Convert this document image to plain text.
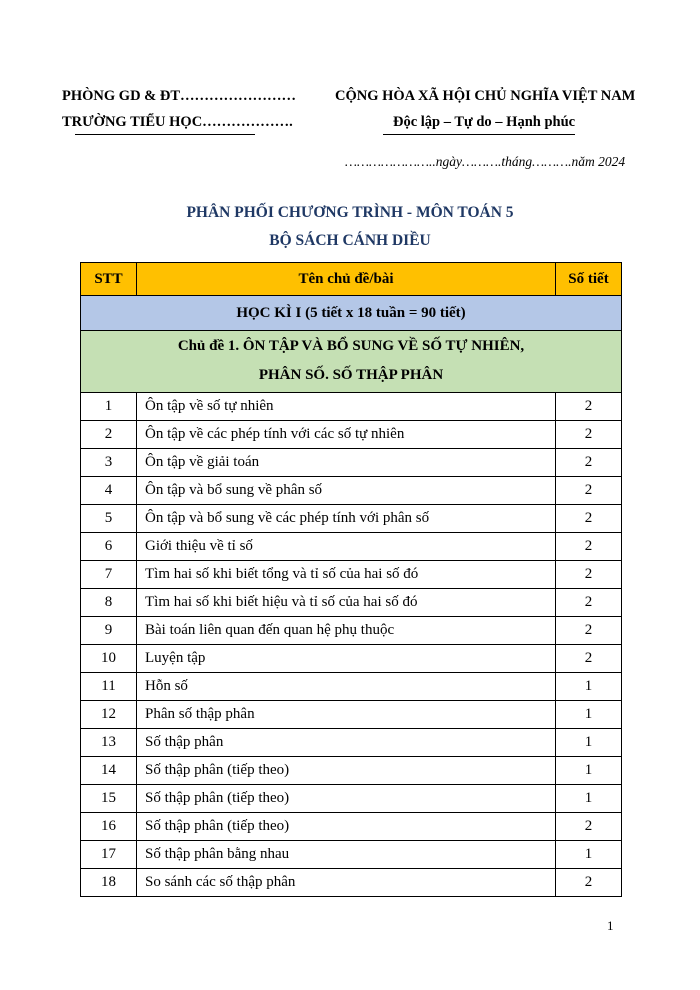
PHÒNG GD & ĐT……………………	CỘNG HÒA XÃ HỘI CHỦ NGHĨA VIỆT NAM
TRƯỜNG TIỂU HỌC……………….	Độc lập – Tự do – Hạnh phúc
…………………..ngày……….tháng……….năm 2024
PHÂN PHỐI CHƯƠNG TRÌNH - MÔN TOÁN 5
BỘ SÁCH CÁNH DIỀU
STT	Tên chủ đề/bài	Số tiết
HỌC KÌ I (5 tiết x 18 tuần = 90 tiết)		

Chủ đề 1. ÔN TẬP VÀ BỔ SUNG VỀ SỐ TỰ NHIÊN,
PHÂN SỐ. SỐ THẬP PHÂN		

1	Ôn tập về số tự nhiên	2
2	Ôn tập về các phép tính với các số tự nhiên	2
3	Ôn tập về giải toán	2
4	Ôn tập và bổ sung về phân số	2
5	Ôn tập và bổ sung về các phép tính với phân số	2
6	Giới thiệu về tỉ số	2
7	Tìm hai số khi biết tổng và tỉ số của hai số đó	2
8	Tìm hai số khi biết hiệu và tỉ số của hai số đó	2
9	Bài toán liên quan đến quan hệ phụ thuộc	2
10	Luyện tập	2
11	Hỗn số	1
12	Phân số thập phân	1
13	Số thập phân	1
14	Số thập phân (tiếp theo)	1
15	Số thập phân (tiếp theo)	1
16	Số thập phân (tiếp theo)	2
17	Số thập phân bằng nhau	1
18	So sánh các số thập phân	2
1
